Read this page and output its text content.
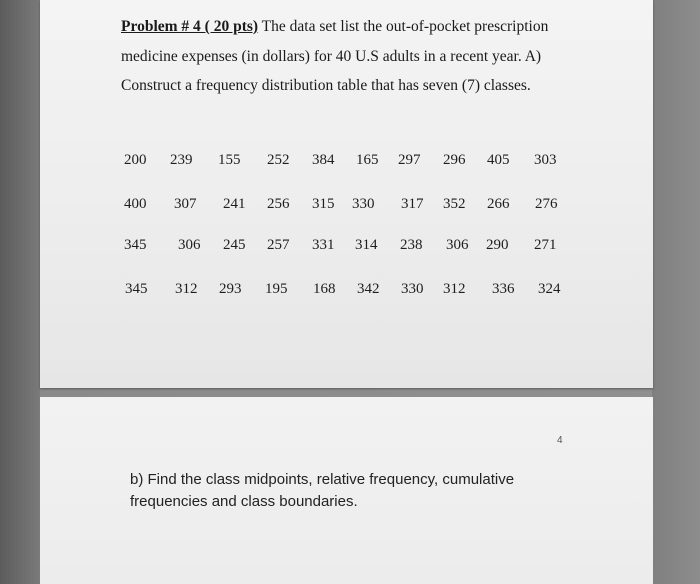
Problem # 4 ( 20 pts) The data set list the out-of-pocket prescription medicine expenses (in dollars) for 40 U.S adults in a recent year. A) Construct a frequency distribution table that has seven (7) classes.

200 239 155 252 384 165 297 296 405 303
400 307 241 256 315 330 317 352 266 276
345 306 245 257 331 314 238 306 290 271
345 312 293 195 168 342 330 312 336 324
4

b) Find the class midpoints, relative frequency, cumulative frequencies and class boundaries.
